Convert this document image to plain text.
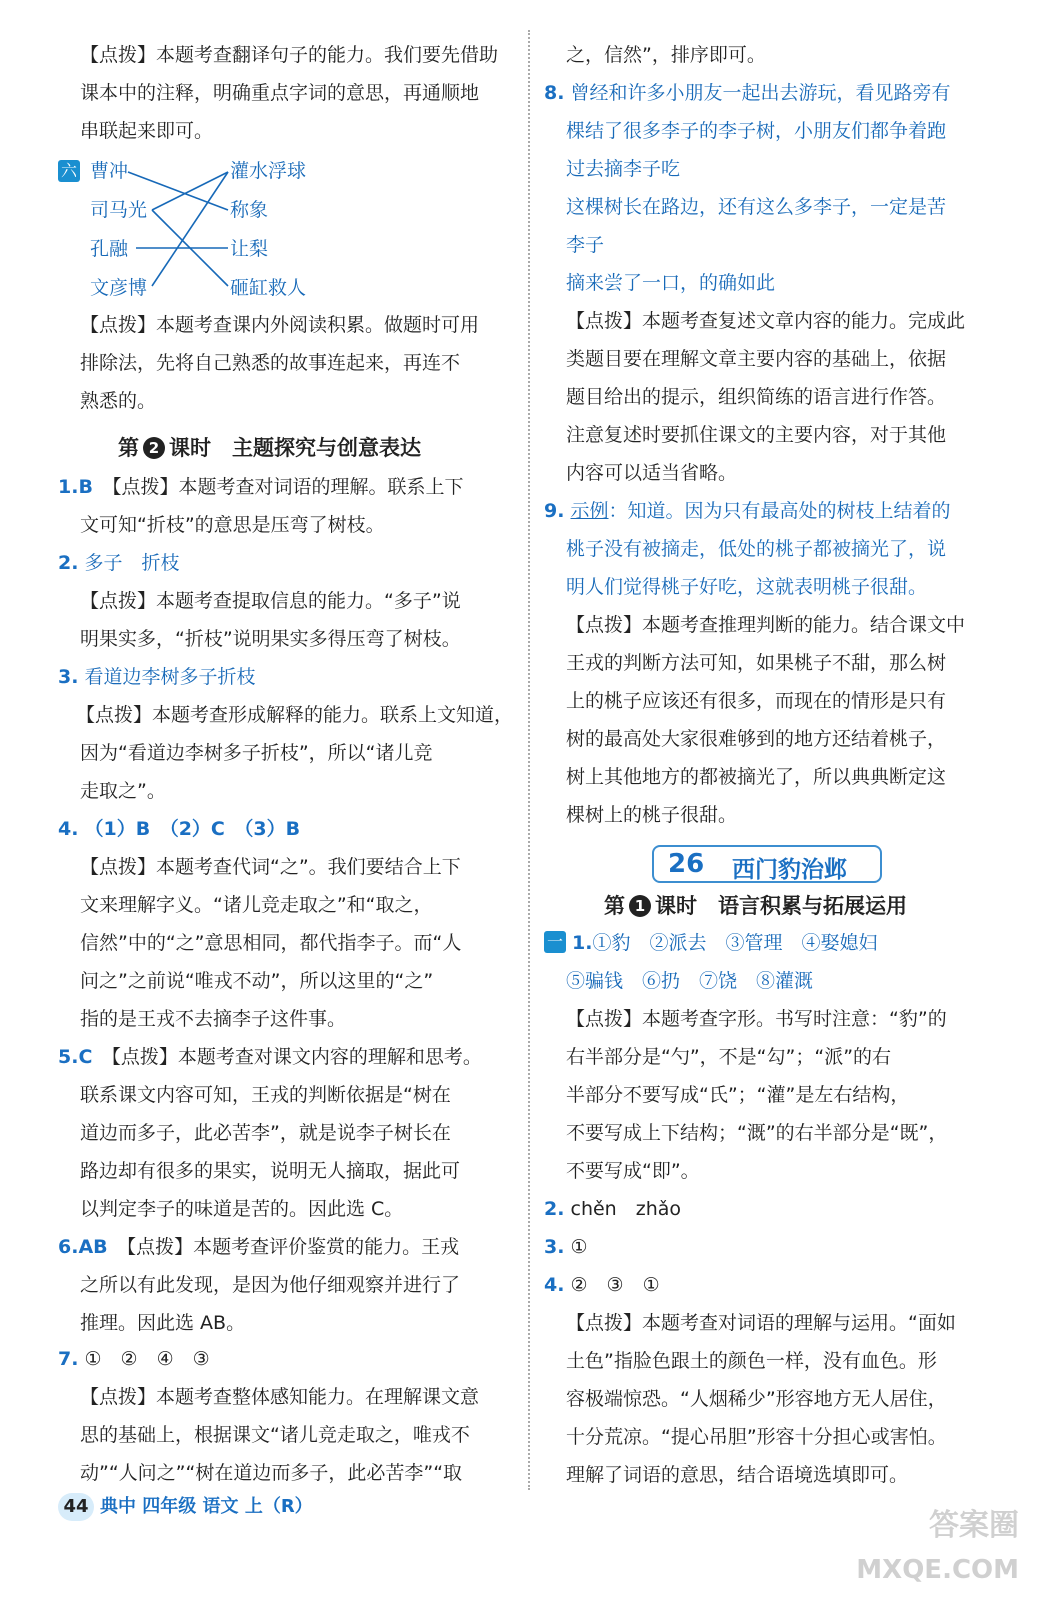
【点拨】本题考查翻译句子的能力。我们要先借助
课本中的注释，明确重点字词的意思，再通顺地
串联起来即可。
六 曹冲
司马光
孔融
文彦博
灌水浮球
称象
让梨
砸缸救人
【点拨】本题考查课内外阅读积累。做题时可用
排除法，先将自己熟悉的故事连起来，再连不
熟悉的。
第 2 课时　主题探究与创意表达
1.B　 【点拨】本题考查对词语的理解。联系上下
文可知“折枝”的意思是压弯了树枝。
2. 多子　折枝
【点拨】本题考查提取信息的能力。“多子”说
明果实多，“折枝”说明果实多得压弯了树枝。
3. 看道边李树多子折枝
【点拨】本题考查形成解释的能力。联系上文知道，
因为“看道边李树多子折枝”，所以“诸儿竞
走取之”。
4. （1）B　（2）C　（3）B
【点拨】本题考查代词“之”。我们要结合上下
文来理解字义。“诸儿竞走取之”和“取之，
信然”中的“之”意思相同，都代指李子。而“人
问之”之前说“唯戎不动”，所以这里的“之”
指的是王戎不去摘李子这件事。
5.C　 【点拨】本题考查对课文内容的理解和思考。
联系课文内容可知，王戎的判断依据是“树在
道边而多子，此必苦李”，就是说李子树长在
路边却有很多的果实，说明无人摘取，据此可
以判定李子的味道是苦的。因此选 C。
6.AB　 【点拨】本题考查评价鉴赏的能力。王戎
之所以有此发现，是因为他仔细观察并进行了
推理。因此选 AB。
7. ①　②　④　③
【点拨】本题考查整体感知能力。在理解课文意
思的基础上，根据课文“诸儿竞走取之，唯戎不
动”“人问之”“树在道边而多子，此必苦李”“取
之，信然”，排序即可。
8. 曾经和许多小朋友一起出去游玩，看见路旁有
棵结了很多李子的李子树，小朋友们都争着跑
过去摘李子吃
这棵树长在路边，还有这么多李子，一定是苦
李子
摘来尝了一口，的确如此
【点拨】本题考查复述文章内容的能力。完成此
类题目要在理解文章主要内容的基础上，依据
题目给出的提示，组织简练的语言进行作答。
注意复述时要抓住课文的主要内容，对于其他
内容可以适当省略。
9. 示例：知道。因为只有最高处的树枝上结着的
桃子没有被摘走，低处的桃子都被摘光了，说
明人们觉得桃子好吃，这就表明桃子很甜。
【点拨】本题考查推理判断的能力。结合课文中
王戎的判断方法可知，如果桃子不甜，那么树
上的桃子应该还有很多，而现在的情形是只有
树的最高处大家很难够到的地方还结着桃子，
树上其他地方的都被摘光了，所以典典断定这
棵树上的桃子很甜。
26 西门豹治邺
第 1 课时　语言积累与拓展运用
一 1.①豹　②派去　③管理　④娶媳妇
⑤骗钱　⑥扔　⑦饶　⑧灌溉
【点拨】本题考查字形。书写时注意：“豹”的
右半部分是“勺”，不是“勾”；“派”的右
半部分不要写成“氏”；“灌”是左右结构，
不要写成上下结构；“溉”的右半部分是“既”，
不要写成“即”。
2. chěn　zhǎo
3. ①
4. ②　③　①
【点拨】本题考查对词语的理解与运用。“面如
土色”指脸色跟土的颜色一样，没有血色。形
容极端惊恐。“人烟稀少”形容地方无人居住，
十分荒凉。“提心吊胆”形容十分担心或害怕。
理解了词语的意思，结合语境选填即可。
44 典中 四年级 语文 上（R）
答案圈
MXQE.COM
